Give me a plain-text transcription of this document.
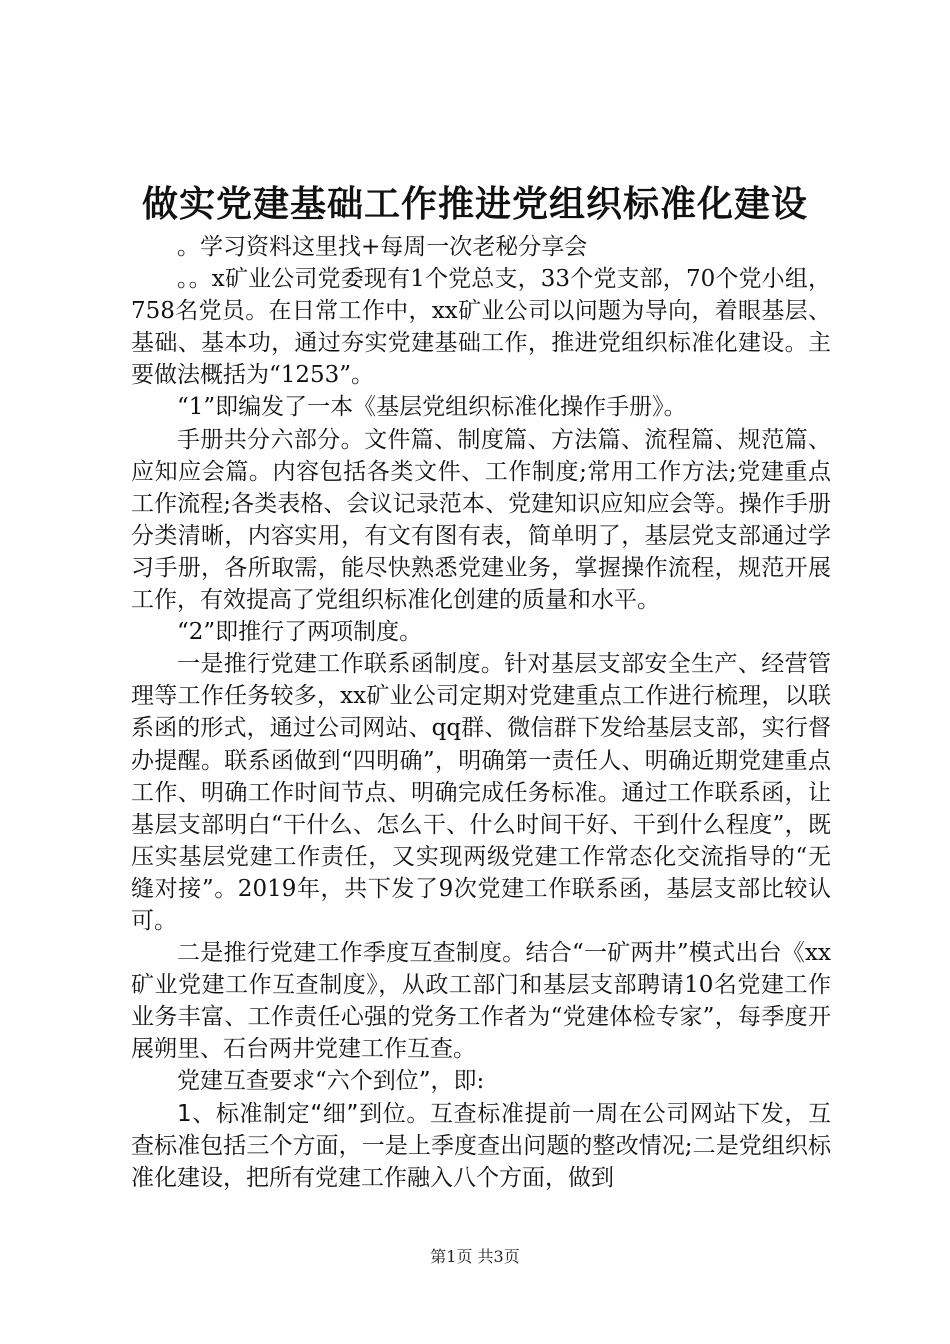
做实党建基础工作推进党组织标准化建设

。学习资料这里找+每周一次老秘分享会

。。x矿业公司党委现有1个党总支，33个党支部，70个党小组，758名党员。在日常工作中，xx矿业公司以问题为导向，着眼基层、基础、基本功，通过夯实党建基础工作，推进党组织标准化建设。主要做法概括为“1253”。

“1”即编发了一本《基层党组织标准化操作手册》。

手册共分六部分。文件篇、制度篇、方法篇、流程篇、规范篇、应知应会篇。内容包括各类文件、工作制度;常用工作方法;党建重点工作流程;各类表格、会议记录范本、党建知识应知应会等。操作手册分类清晰，内容实用，有文有图有表，简单明了，基层党支部通过学习手册，各所取需，能尽快熟悉党建业务，掌握操作流程，规范开展工作，有效提高了党组织标准化创建的质量和水平。

“2”即推行了两项制度。

一是推行党建工作联系函制度。针对基层支部安全生产、经营管理等工作任务较多，xx矿业公司定期对党建重点工作进行梳理，以联系函的形式，通过公司网站、qq群、微信群下发给基层支部，实行督办提醒。联系函做到“四明确”，明确第一责任人、明确近期党建重点工作、明确工作时间节点、明确完成任务标准。通过工作联系函，让基层支部明白“干什么、怎么干、什么时间干好、干到什么程度”，既压实基层党建工作责任，又实现两级党建工作常态化交流指导的“无缝对接”。2019年，共下发了9次党建工作联系函，基层支部比较认可。

二是推行党建工作季度互查制度。结合“一矿两井”模式出台《xx矿业党建工作互查制度》，从政工部门和基层支部聘请10名党建工作业务丰富、工作责任心强的党务工作者为“党建体检专家”，每季度开展朔里、石台两井党建工作互查。

党建互查要求“六个到位”，即:

1、标准制定“细”到位。互查标准提前一周在公司网站下发，互查标准包括三个方面，一是上季度查出问题的整改情况;二是党组织标准化建设，把所有党建工作融入八个方面，做到

第1页 共3页
